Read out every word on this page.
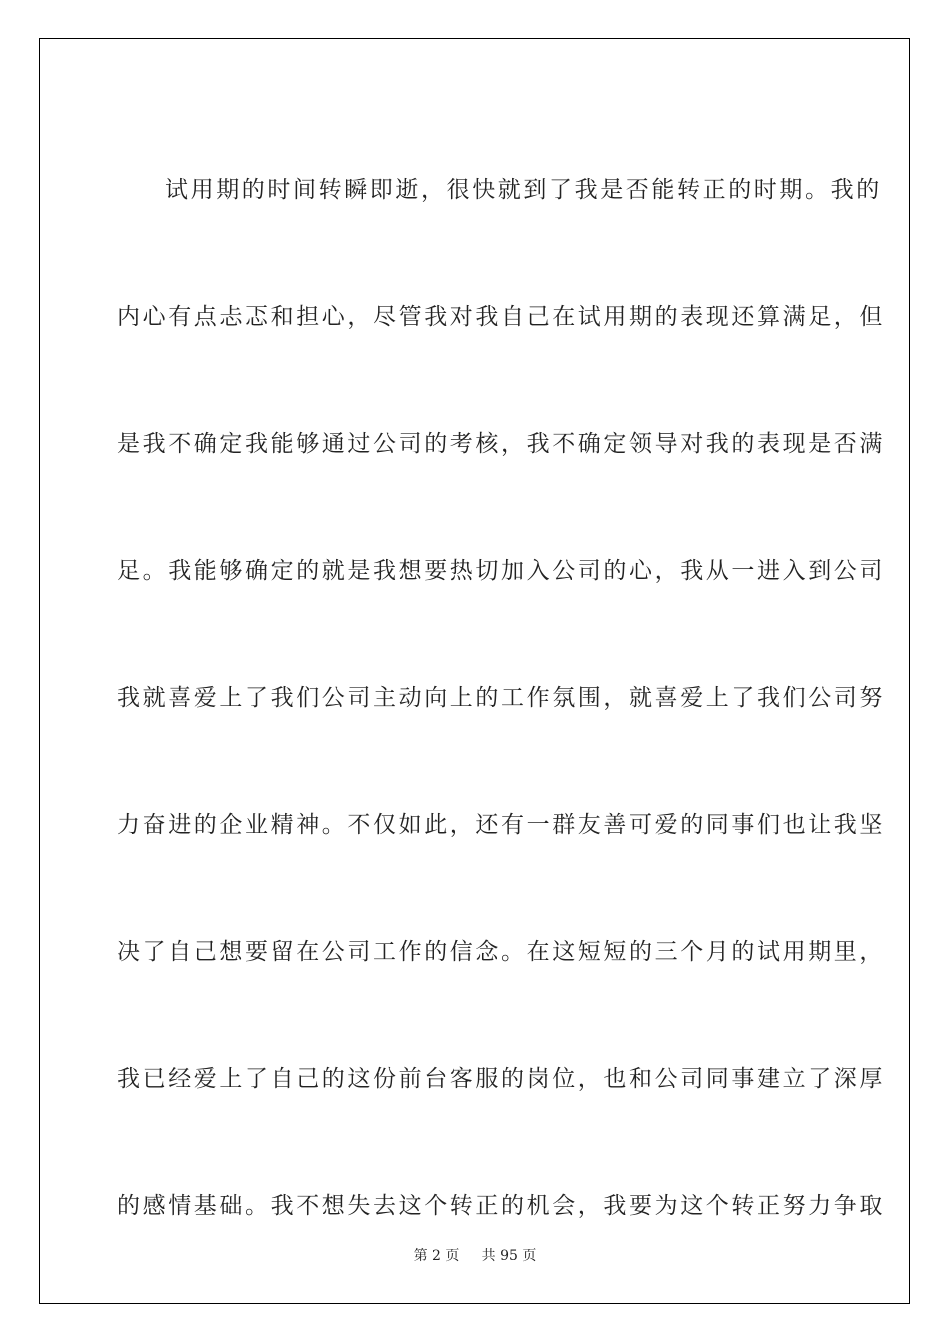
试用期的时间转瞬即逝，很快就到了我是否能转正的时期。我的
内心有点忐忑和担心，尽管我对我自己在试用期的表现还算满足，但
是我不确定我能够通过公司的考核，我不确定领导对我的表现是否满
足。我能够确定的就是我想要热切加入公司的心，我从一进入到公司
我就喜爱上了我们公司主动向上的工作氛围，就喜爱上了我们公司努
力奋进的企业精神。不仅如此，还有一群友善可爱的同事们也让我坚
决了自己想要留在公司工作的信念。在这短短的三个月的试用期里，
我已经爱上了自己的这份前台客服的岗位，也和公司同事建立了深厚
的感情基础。我不想失去这个转正的机会，我要为这个转正努力争取
第 2 页 共 95 页
